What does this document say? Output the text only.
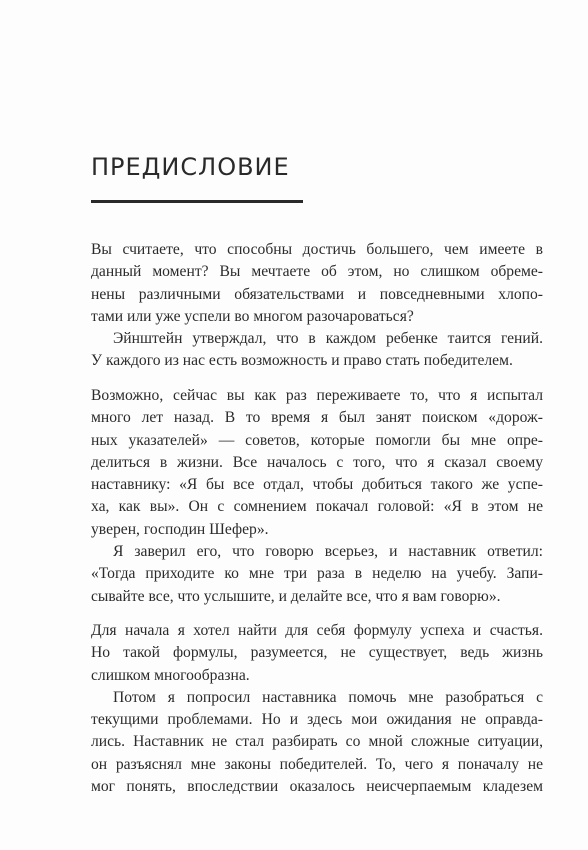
ПРЕДИСЛОВИЕ
Вы считаете, что способны достичь большего, чем имеете в
данный момент? Вы мечтаете об этом, но слишком обреме-
нены различными обязательствами и повседневными хлопо-
тами или уже успели во многом разочароваться?
Эйнштейн утверждал, что в каждом ребенке таится гений.
У каждого из нас есть возможность и право стать победителем.
Возможно, сейчас вы как раз переживаете то, что я испытал
много лет назад. В то время я был занят поиском «дорож-
ных указателей» — советов, которые помогли бы мне опре-
делиться в жизни. Все началось с того, что я сказал своему
наставнику: «Я бы все отдал, чтобы добиться такого же успе-
ха, как вы». Он с сомнением покачал головой: «Я в этом не
уверен, господин Шефер».
Я заверил его, что говорю всерьез, и наставник ответил:
«Тогда приходите ко мне три раза в неделю на учебу. Запи-
сывайте все, что услышите, и делайте все, что я вам говорю».
Для начала я хотел найти для себя формулу успеха и счастья.
Но такой формулы, разумеется, не существует, ведь жизнь
слишком многообразна.
Потом я попросил наставника помочь мне разобраться с
текущими проблемами. Но и здесь мои ожидания не оправда-
лись. Наставник не стал разбирать со мной сложные ситуации,
он разъяснял мне законы победителей. То, чего я поначалу не
мог понять, впоследствии оказалось неисчерпаемым кладезем
